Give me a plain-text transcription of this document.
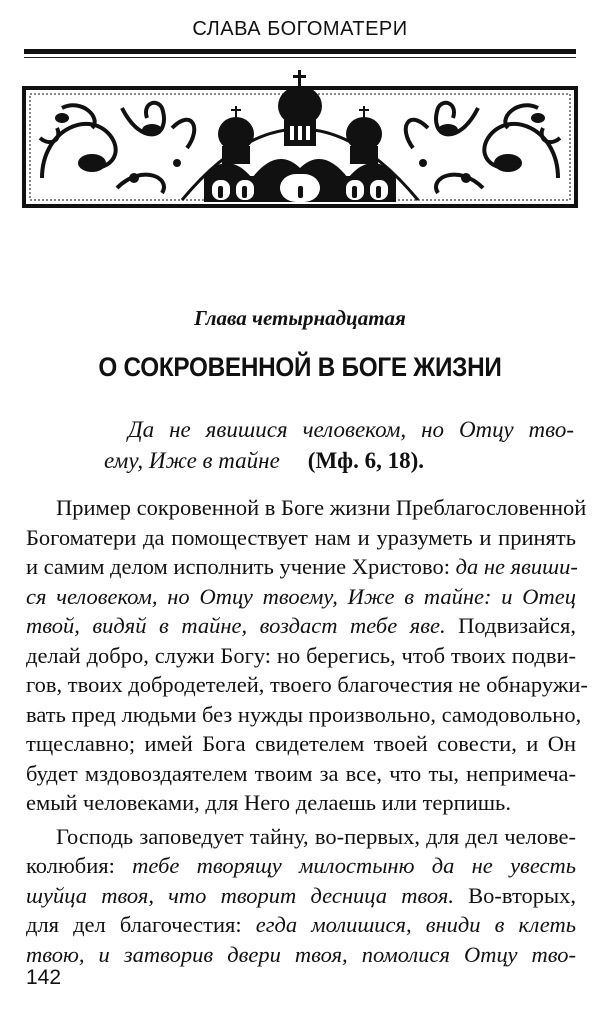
СЛАВА БОГОМАТЕРИ
Глава четырнадцатая
О СОКРОВЕННОЙ В БОГЕ ЖИЗНИ
Да не явишися человеком, но Отцу тво-
ему, Иже в тайне (Мф. 6, 18).

Пример сокровенной в Боге жизни Преблагословенной
Богоматери да помоществует нам и уразуметь и принять
и самим делом исполнить учение Христово: да не явиши-
ся человеком, но Отцу твоему, Иже в тайне: и Отец
твой, видяй в тайне, воздаст тебе яве. Подвизайся,
делай добро, служи Богу: но берегись, чтоб твоих подви-
гов, твоих добродетелей, твоего благочестия не обнаружи-
вать пред людьми без нужды произвольно, самодовольно,
тщеславно; имей Бога свидетелем твоей совести, и Он
будет мздовоздаятелем твоим за все, что ты, непримеча-
емый человеками, для Него делаешь или терпишь.

Господь заповедует тайну, во-первых, для дел челове-
колюбия: тебе творящу милостыню да не увесть
шуйца твоя, что творит десница твоя. Во-вторых,
для дел благочестия: егда молишися, вниди в клеть
твою, и затворив двери твоя, помолися Отцу тво-

142
